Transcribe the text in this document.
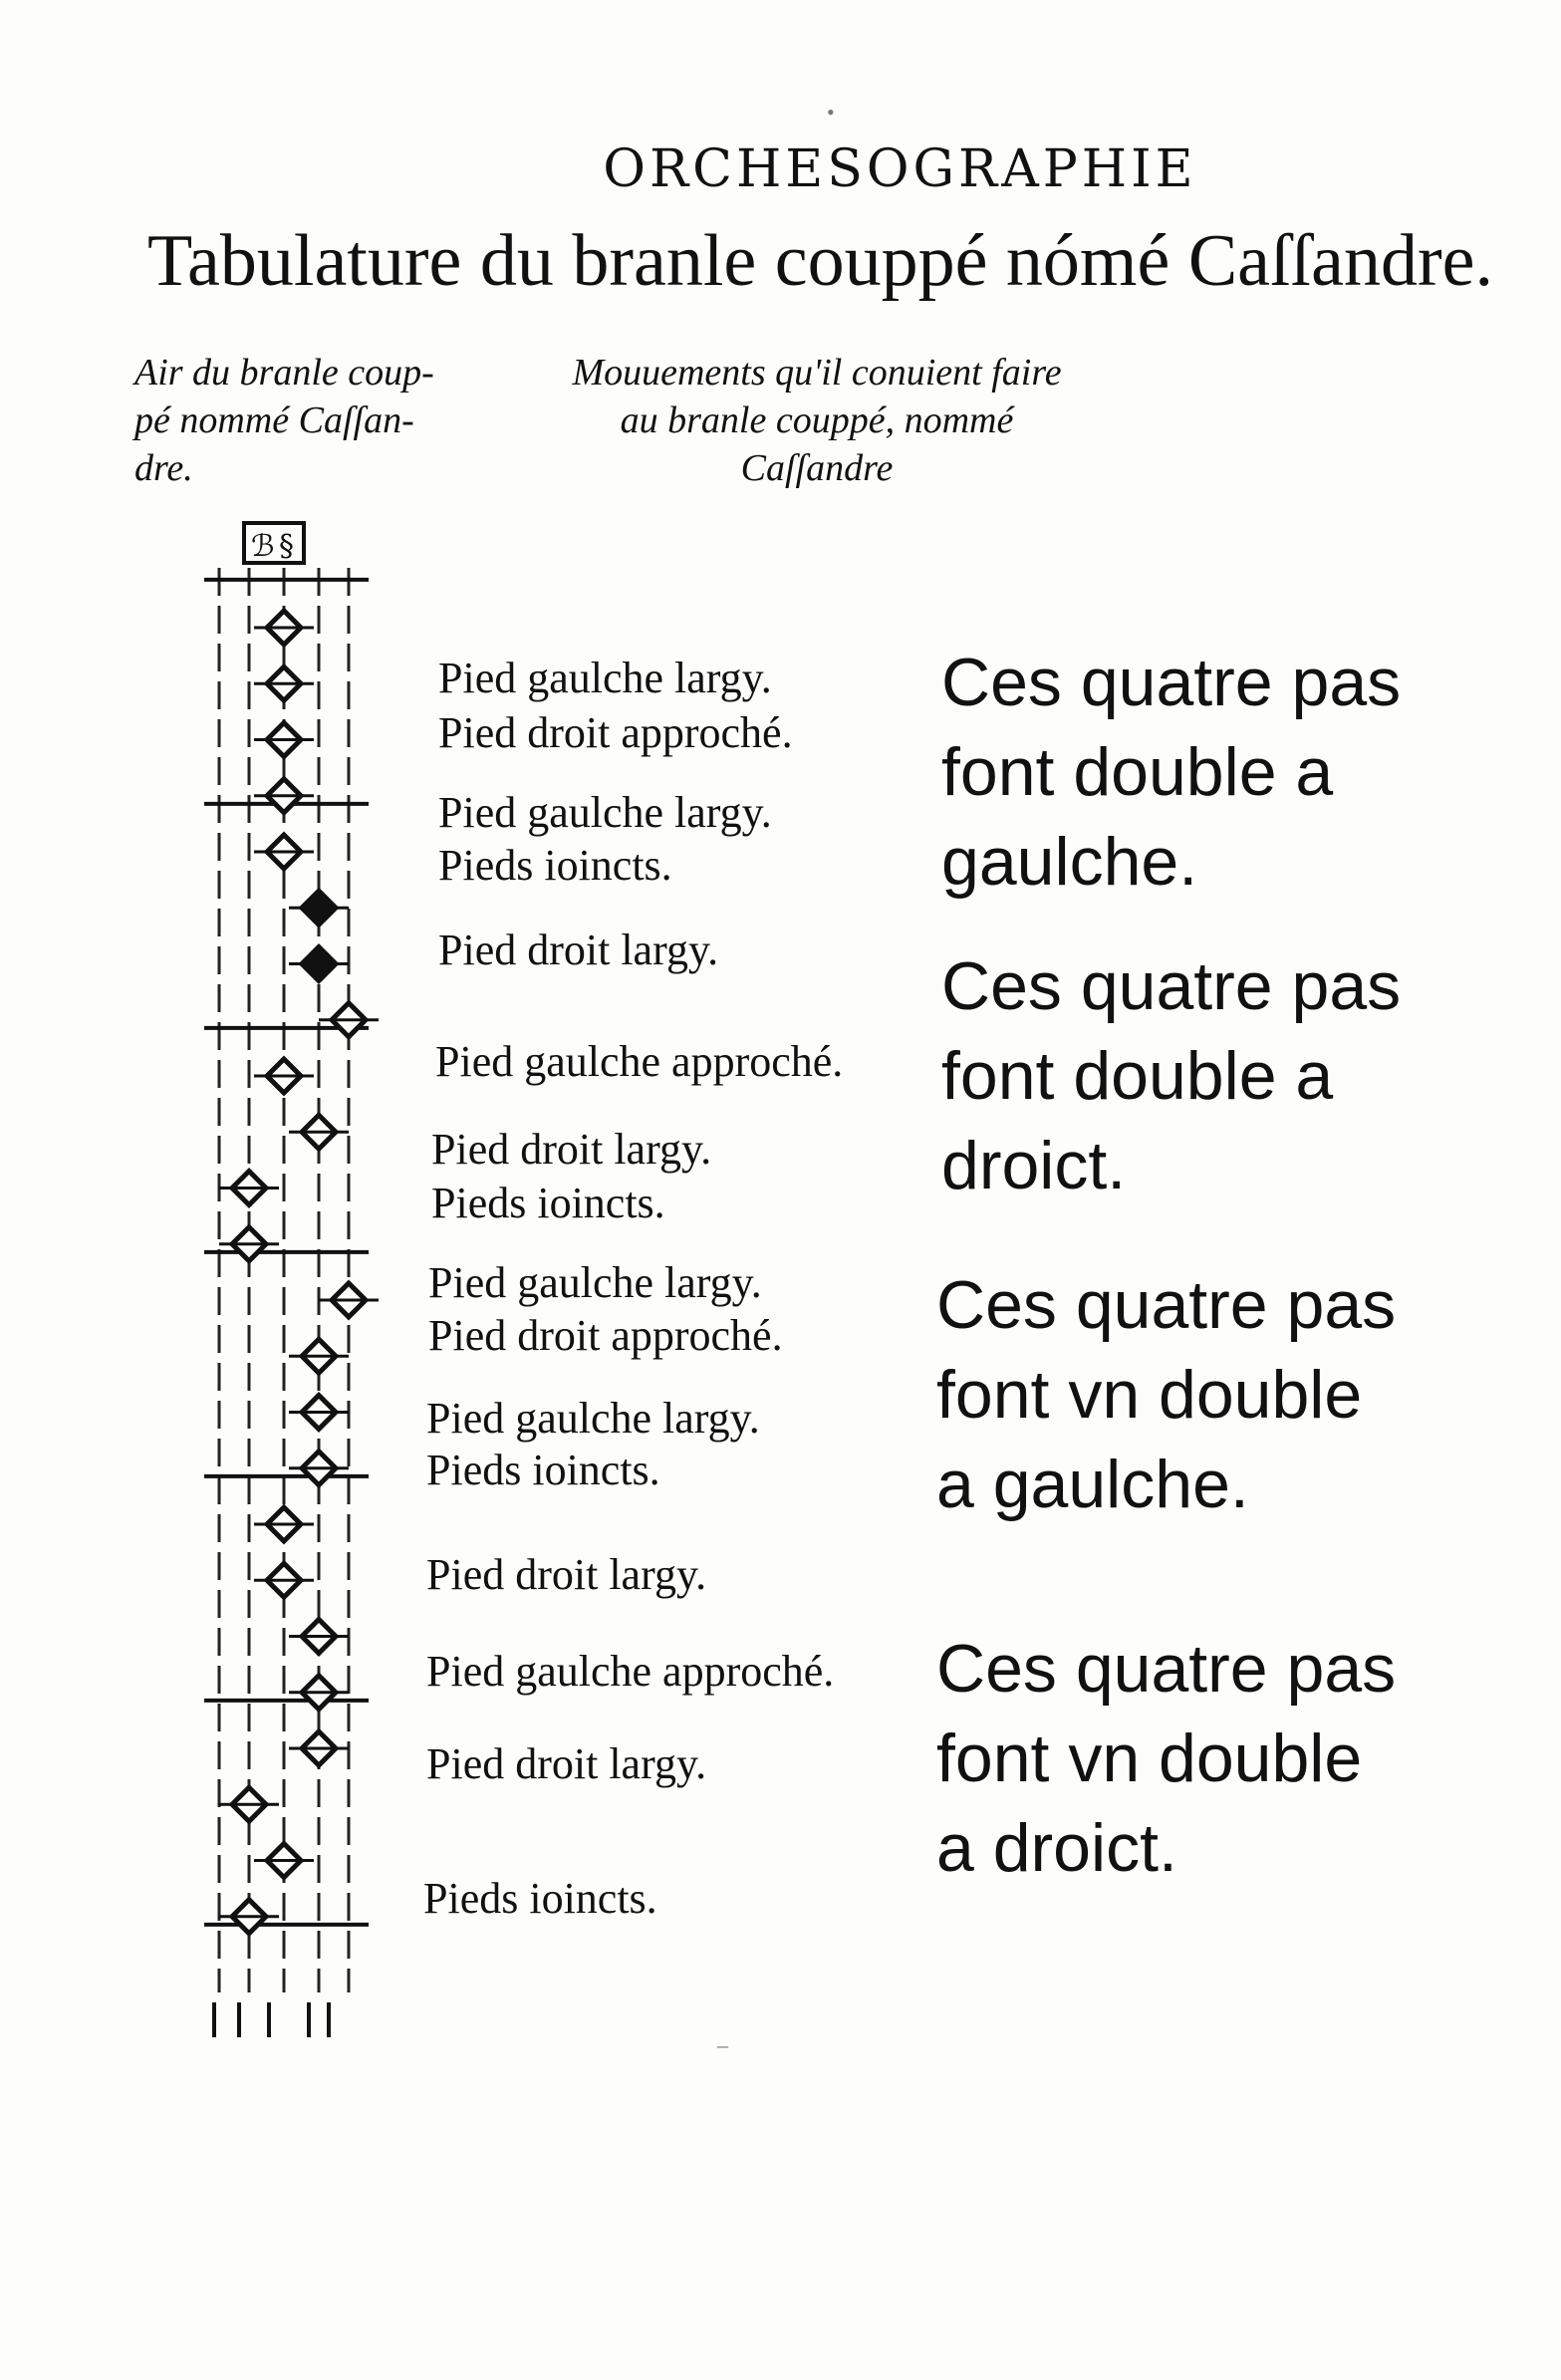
ORCHESOGRAPHIE
Tabulature du branle couppé nómé Caſſandre.
Air du branle coup-
pé nommé Caſſan-
dre.
Mouuements qu'il conuient faire
au branle couppé, nommé
Caſſandre
ℬ §
Pied gaulche largy.
Pied droit approché.
Pied gaulche largy.
Pieds ioincts.
Pied droit largy.
Pied gaulche approché.
Pied droit largy.
Pieds ioincts.
Pied gaulche largy.
Pied droit approché.
Pied gaulche largy.
Pieds ioincts.
Pied droit largy.
Pied gaulche approché.
Pied droit largy.
Pieds ioincts.
Ces quatre pas
font double a
gaulche.
Ces quatre pas
font double a
droict.
Ces quatre pas
font vn double
a gaulche.
Ces quatre pas
font vn double
a droict.
•
‒
